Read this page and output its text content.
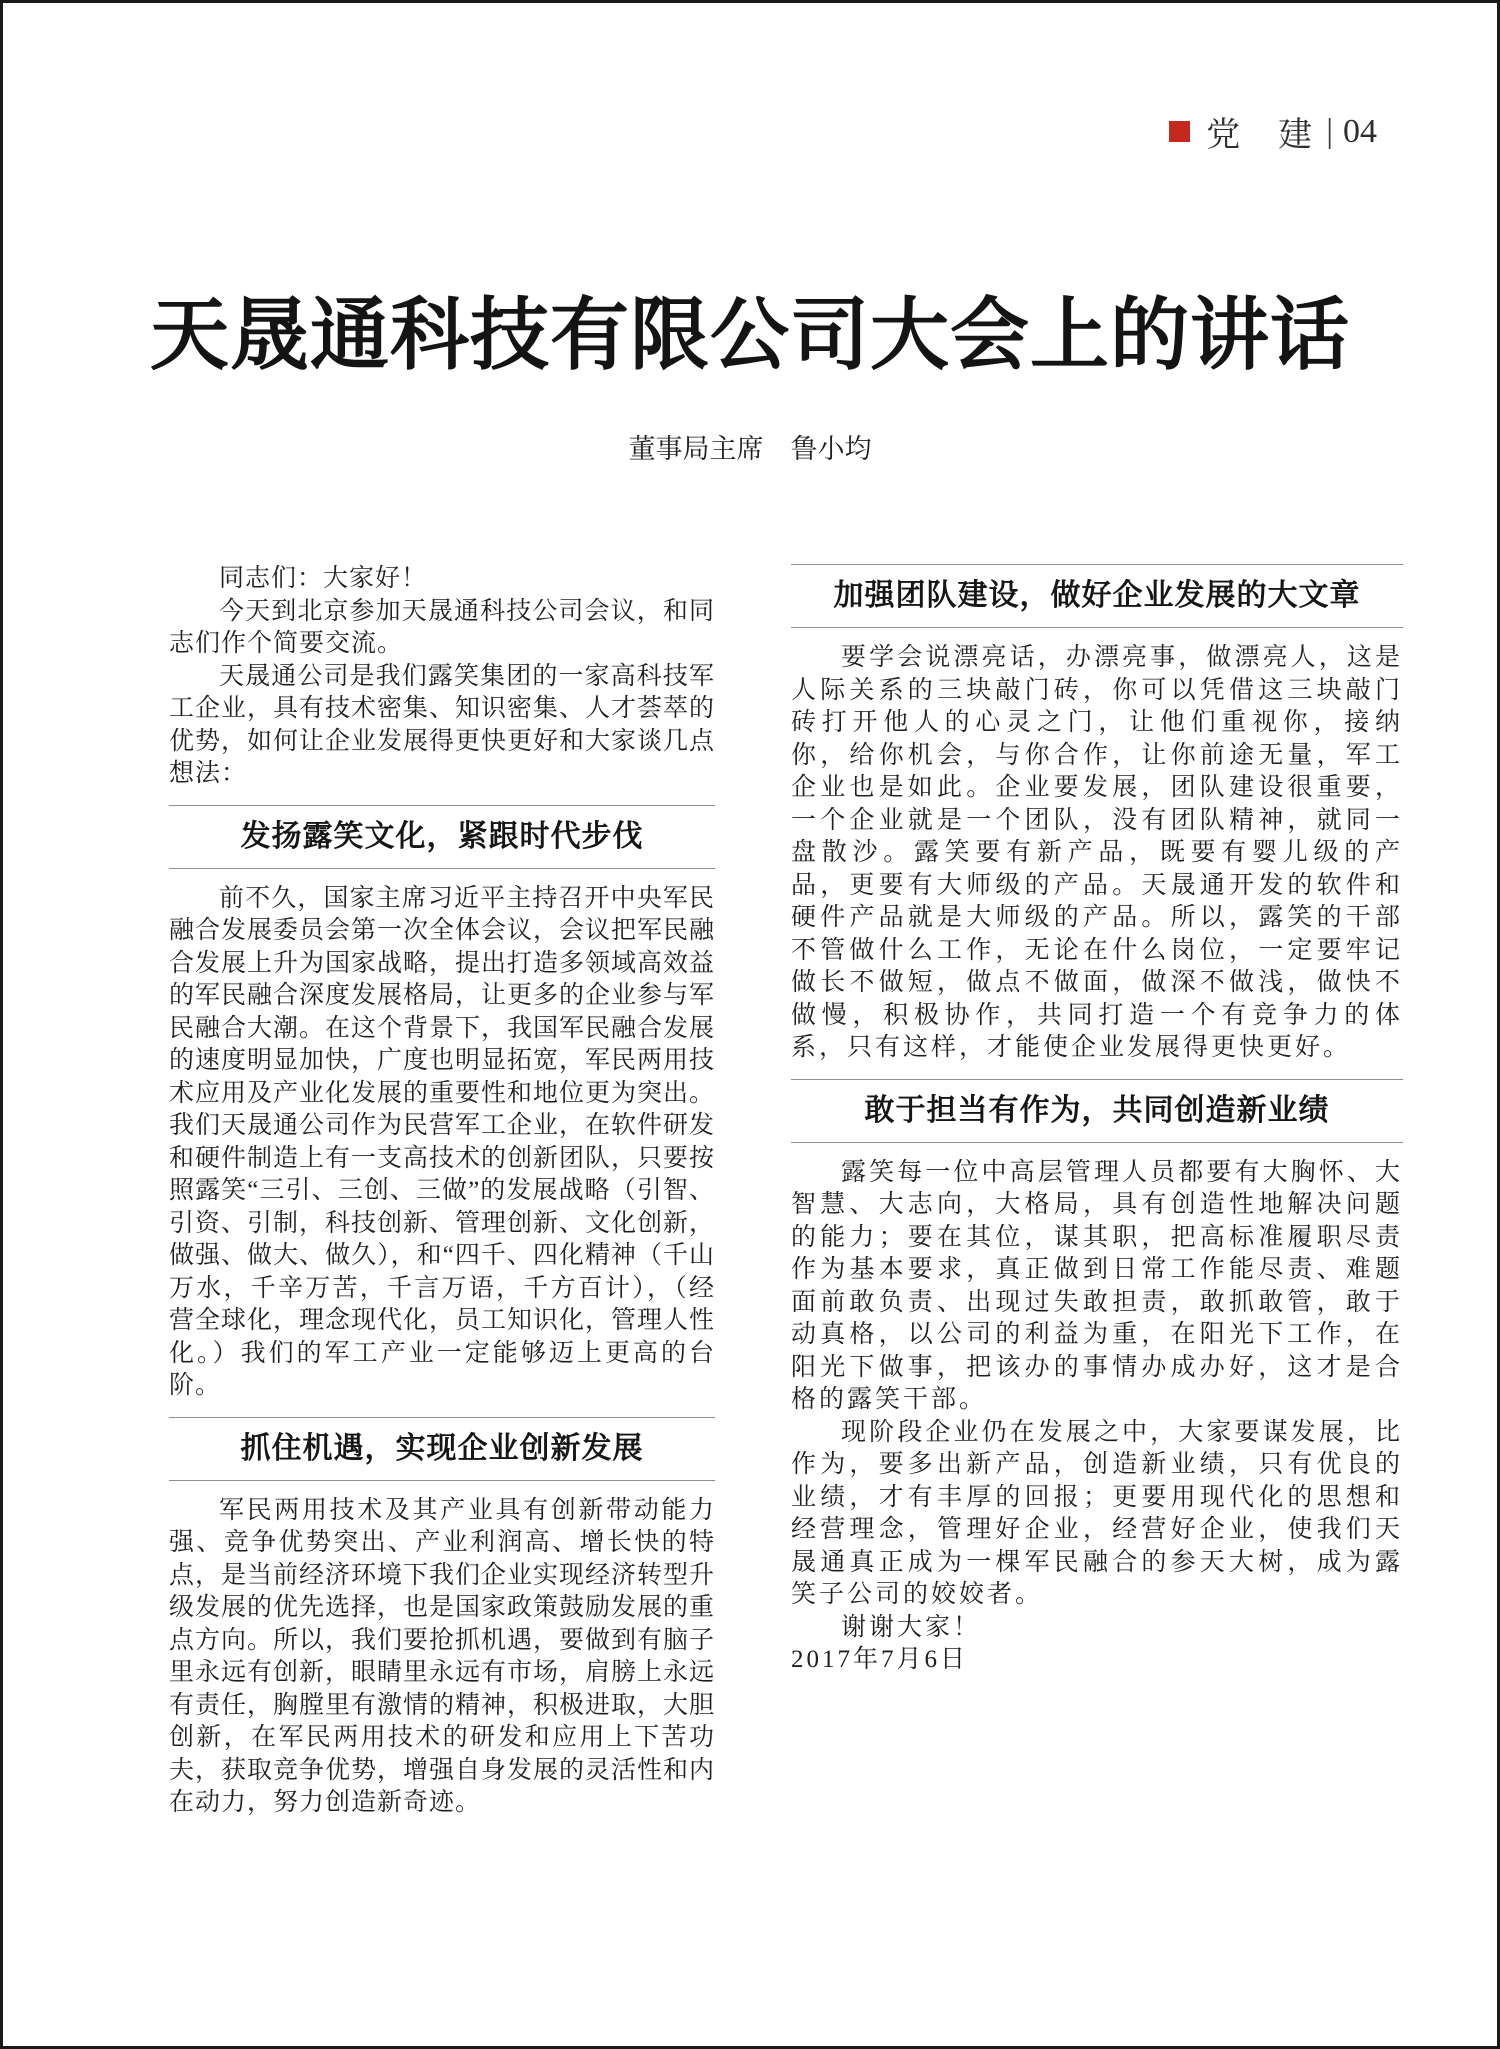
党　建 | 04
天晟通科技有限公司大会上的讲话
董事局主席　鲁小均

同志们：大家好！

今天到北京参加天晟通科技公司会议，和同志们作个简要交流。

天晟通公司是我们露笑集团的一家高科技军工企业，具有技术密集、知识密集、人才荟萃的优势，如何让企业发展得更快更好和大家谈几点想法：

发扬露笑文化，紧跟时代步伐

前不久，国家主席习近平主持召开中央军民融合发展委员会第一次全体会议，会议把军民融合发展上升为国家战略，提出打造多领域高效益的军民融合深度发展格局，让更多的企业参与军民融合大潮。在这个背景下，我国军民融合发展的速度明显加快，广度也明显拓宽，军民两用技术应用及产业化发展的重要性和地位更为突出。我们天晟通公司作为民营军工企业，在软件研发和硬件制造上有一支高技术的创新团队，只要按照露笑“三引、三创、三做”的发展战略（引智、引资、引制，科技创新、管理创新、文化创新，做强、做大、做久），和“四千、四化精神（千山万水，千辛万苦，千言万语，千方百计），（经营全球化，理念现代化，员工知识化，管理人性化。）我们的军工产业一定能够迈上更高的台阶。

抓住机遇，实现企业创新发展

军民两用技术及其产业具有创新带动能力强、竞争优势突出、产业利润高、增长快的特点，是当前经济环境下我们企业实现经济转型升级发展的优先选择，也是国家政策鼓励发展的重点方向。所以，我们要抢抓机遇，要做到有脑子里永远有创新，眼睛里永远有市场，肩膀上永远有责任，胸膛里有激情的精神，积极进取，大胆创新，在军民两用技术的研发和应用上下苦功夫，获取竞争优势，增强自身发展的灵活性和内在动力，努力创造新奇迹。

加强团队建设，做好企业发展的大文章

要学会说漂亮话，办漂亮事，做漂亮人，这是人际关系的三块敲门砖，你可以凭借这三块敲门砖打开他人的心灵之门，让他们重视你，接纳你，给你机会，与你合作，让你前途无量，军工企业也是如此。企业要发展，团队建设很重要，一个企业就是一个团队，没有团队精神，就同一盘散沙。露笑要有新产品，既要有婴儿级的产品，更要有大师级的产品。天晟通开发的软件和硬件产品就是大师级的产品。所以，露笑的干部不管做什么工作，无论在什么岗位，一定要牢记做长不做短，做点不做面，做深不做浅，做快不做慢，积极协作，共同打造一个有竞争力的体系，只有这样，才能使企业发展得更快更好。

敢于担当有作为，共同创造新业绩

露笑每一位中高层管理人员都要有大胸怀、大智慧、大志向，大格局，具有创造性地解决问题的能力；要在其位，谋其职，把高标准履职尽责作为基本要求，真正做到日常工作能尽责、难题面前敢负责、出现过失敢担责，敢抓敢管，敢于动真格，以公司的利益为重，在阳光下工作，在阳光下做事，把该办的事情办成办好，这才是合格的露笑干部。

现阶段企业仍在发展之中，大家要谋发展，比作为，要多出新产品，创造新业绩，只有优良的业绩，才有丰厚的回报；更要用现代化的思想和经营理念，管理好企业，经营好企业，使我们天晟通真正成为一棵军民融合的参天大树，成为露笑子公司的姣姣者。

谢谢大家！

2017年7月6日
